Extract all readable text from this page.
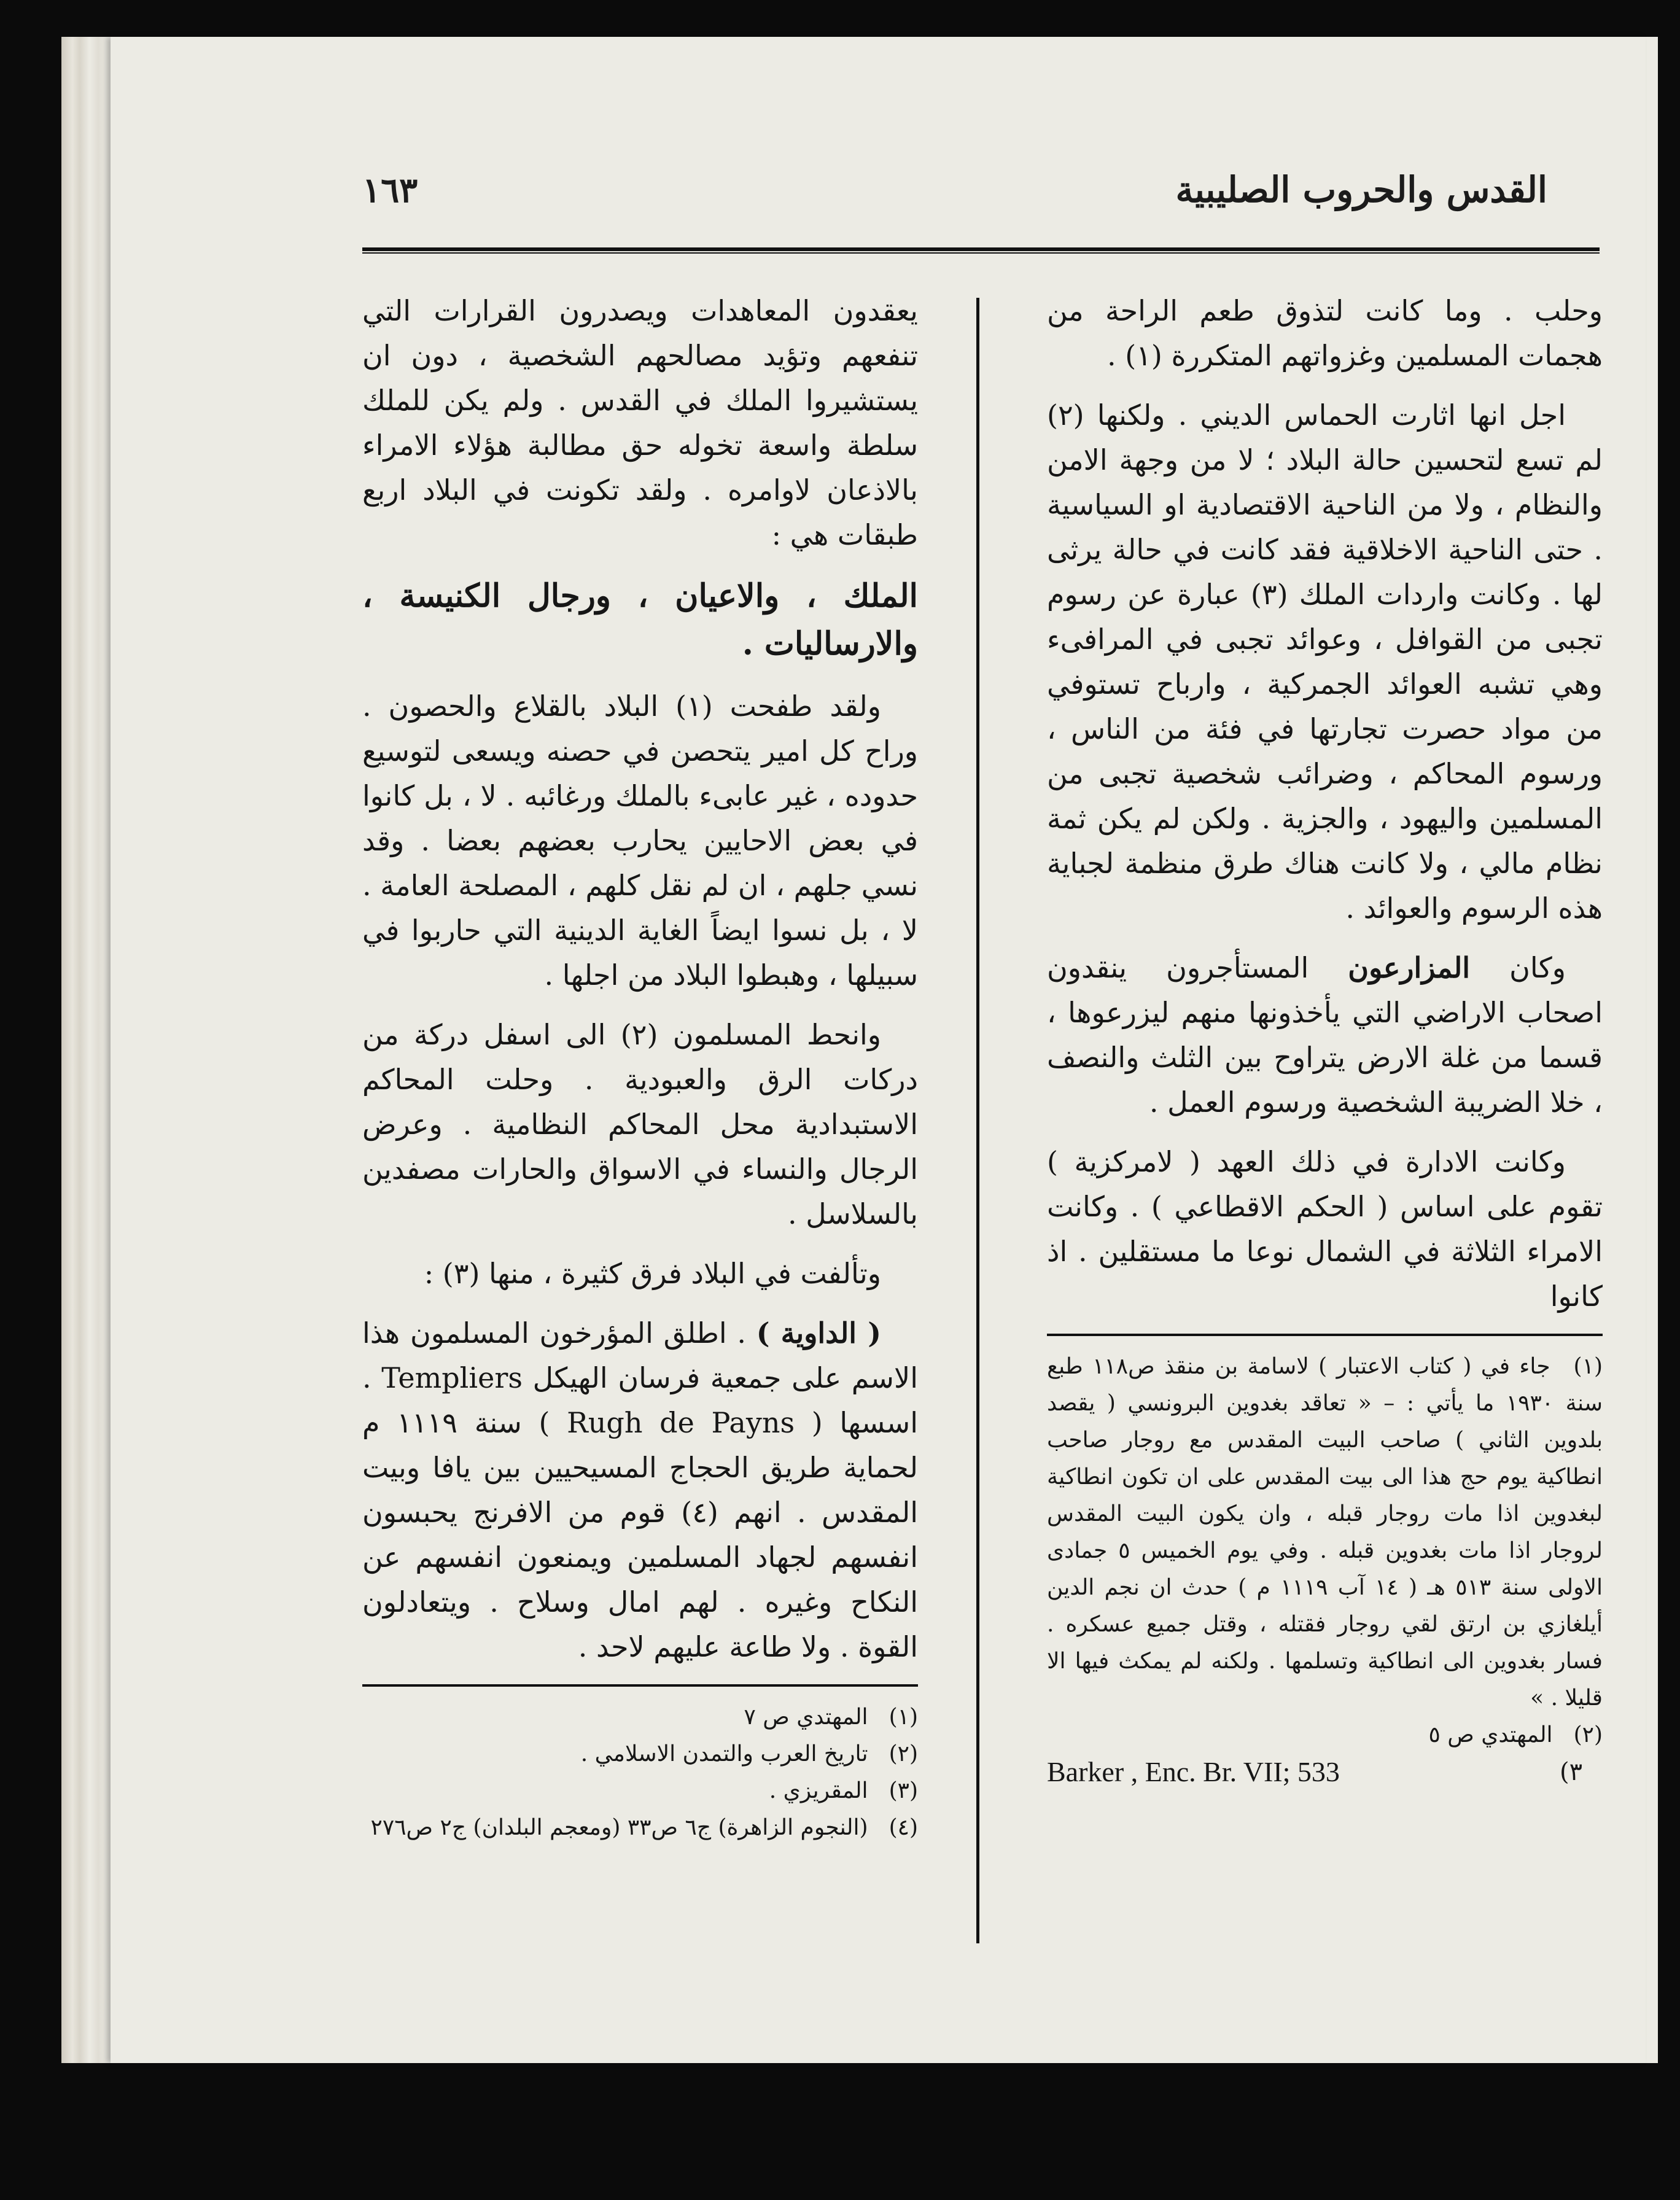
القدس والحروب الصليبية
١٦٣

وحلب . وما كانت لتذوق طعم الراحة من هجمات المسلمين وغزواتهم المتكررة (١) .

اجل انها اثارت الحماس الديني . ولكنها (٢) لم تسع لتحسين حالة البلاد ؛ لا من وجهة الامن والنظام ، ولا من الناحية الاقتصادية او السياسية . حتى الناحية الاخلاقية فقد كانت في حالة يرثى لها . وكانت واردات الملك (٣) عبارة عن رسوم تجبى من القوافل ، وعوائد تجبى في المرافىء وهي تشبه العوائد الجمركية ، وارباح تستوفي من مواد حصرت تجارتها في فئة من الناس ، ورسوم المحاكم ، وضرائب شخصية تجبى من المسلمين واليهود ، والجزية . ولكن لم يكن ثمة نظام مالي ، ولا كانت هناك طرق منظمة لجباية هذه الرسوم والعوائد .

وكان المزارعون المستأجرون ينقدون اصحاب الاراضي التي يأخذونها منهم ليزرعوها ، قسما من غلة الارض يتراوح بين الثلث والنصف ، خلا الضريبة الشخصية ورسوم العمل .

وكانت الادارة في ذلك العهد ( لامركزية ) تقوم على اساس ( الحكم الاقطاعي ) . وكانت الامراء الثلاثة في الشمال نوعا ما مستقلين . اذ كانوا

(١) جاء في ( كتاب الاعتبار ) لاسامة بن منقذ ص١١٨ طبع سنة ١٩٣٠ ما يأتي : – « تعاقد بغدوين البرونسي ( يقصد بلدوين الثاني ) صاحب البيت المقدس مع روجار صاحب انطاكية يوم حج هذا الى بيت المقدس على ان تكون انطاكية لبغدوين اذا مات روجار قبله ، وان يكون البيت المقدس لروجار اذا مات بغدوين قبله . وفي يوم الخميس ٥ جمادى الاولى سنة ٥١٣ هـ ( ١٤ آب ١١١٩ م ) حدث ان نجم الدين أيلغازي بن ارتق لقي روجار فقتله ، وقتل جميع عسكره . فسار بغدوين الى انطاكية وتسلمها . ولكنه لم يمكث فيها الا قليلا . »

(٢) المهتدي ص ٥

(٣
Barker , Enc. Br. VII; 533

يعقدون المعاهدات ويصدرون القرارات التي تنفعهم وتؤيد مصالحهم الشخصية ، دون ان يستشيروا الملك في القدس . ولم يكن للملك سلطة واسعة تخوله حق مطالبة هؤلاء الامراء بالاذعان لاوامره . ولقد تكونت في البلاد اربع طبقات هي :

الملك ، والاعيان ، ورجال الكنيسة ، والارساليات .

ولقد طفحت (١) البلاد بالقلاع والحصون . وراح كل امير يتحصن في حصنه ويسعى لتوسيع حدوده ، غير عابىء بالملك ورغائبه . لا ، بل كانوا في بعض الاحايين يحارب بعضهم بعضا . وقد نسي جلهم ، ان لم نقل كلهم ، المصلحة العامة . لا ، بل نسوا ايضاً الغاية الدينية التي حاربوا في سبيلها ، وهبطوا البلاد من اجلها .

وانحط المسلمون (٢) الى اسفل دركة من دركات الرق والعبودية . وحلت المحاكم الاستبدادية محل المحاكم النظامية . وعرض الرجال والنساء في الاسواق والحارات مصفدين بالسلاسل .

وتألفت في البلاد فرق كثيرة ، منها (٣) :

( الداوية ) . اطلق المؤرخون المسلمون هذا الاسم على جمعية فرسان الهيكل Templiers . اسسها ( Rugh de Payns ) سنة ١١١٩ م لحماية طريق الحجاج المسيحيين بين يافا وبيت المقدس . انهم (٤) قوم من الافرنج يحبسون انفسهم لجهاد المسلمين ويمنعون انفسهم عن النكاح وغيره . لهم امال وسلاح . ويتعادلون القوة . ولا طاعة عليهم لاحد .

(١) المهتدي ص ٧

(٢) تاريخ العرب والتمدن الاسلامي .

(٣) المقريزي .

(٤) (النجوم الزاهرة) ج٦ ص٣٣ (ومعجم البلدان) ج٢ ص٢٧٦
